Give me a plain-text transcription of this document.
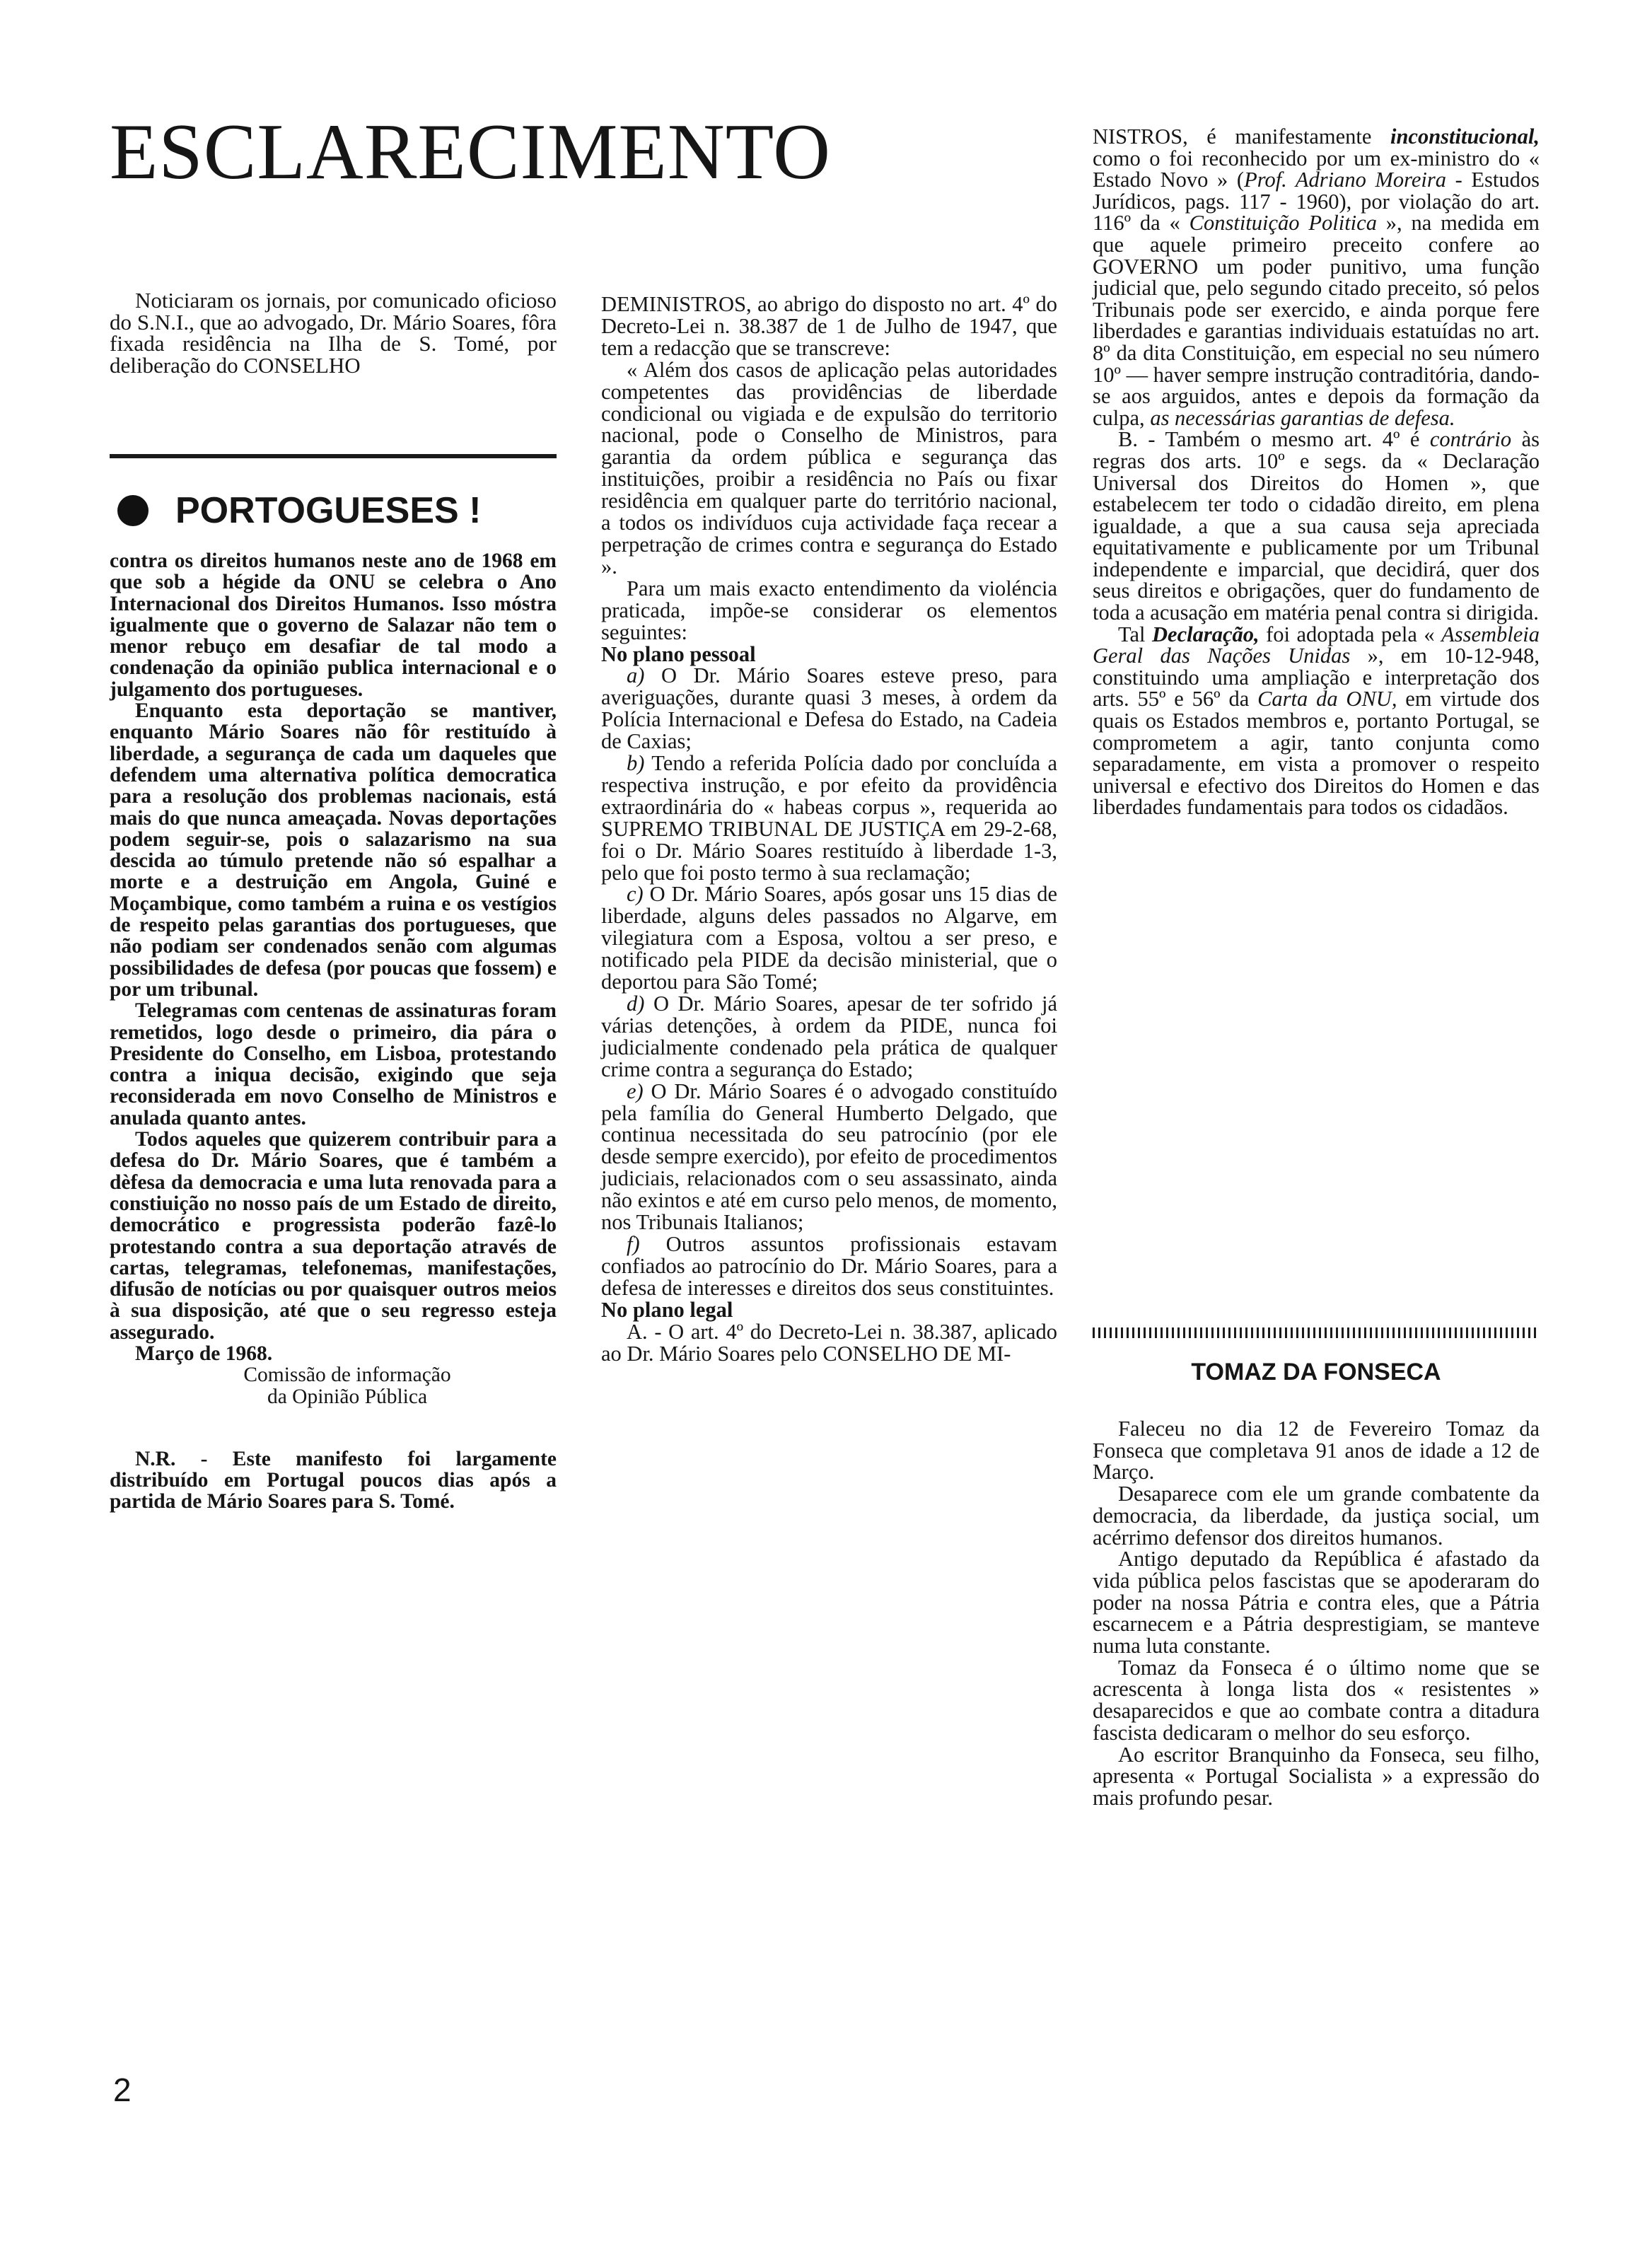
ESCLARECIMENTO

Noticiaram os jornais, por comunicado oficioso do S.N.I., que ao advogado, Dr. Mário Soares, fôra fixada residência na Ilha de S. Tomé, por deliberação do CONSELHO

PORTOGUESES !

contra os direitos humanos neste ano de 1968 em que sob a hégide da ONU se celebra o Ano Internacional dos Direitos Humanos. Isso móstra igualmente que o governo de Salazar não tem o menor rebuço em desafiar de tal modo a condenação da opinião publica internacional e o julgamento dos portugueses.

Enquanto esta deportação se mantiver, enquanto Mário Soares não fôr restituído à liberdade, a segurança de cada um daqueles que defendem uma alternativa política democratica para a resolução dos problemas nacionais, está mais do que nunca ameaçada. Novas deportações podem seguir-se, pois o salazarismo na sua descida ao túmulo pretende não só espalhar a morte e a destruição em Angola, Guiné e Moçambique, como também a ruina e os vestígios de respeito pelas garantias dos portugueses, que não podiam ser condenados senão com algumas possibilidades de defesa (por poucas que fossem) e por um tribunal.

Telegramas com centenas de assinaturas foram remetidos, logo desde o primeiro, dia pára o Presidente do Conselho, em Lisboa, protestando contra a iniqua decisão, exigindo que seja reconsiderada em novo Conselho de Ministros e anulada quanto antes.

Todos aqueles que quizerem contribuir para a defesa do Dr. Mário Soares, que é também a dèfesa da democracia e uma luta renovada para a constiuição no nosso país de um Estado de direito, democrático e progressista poderão fazê-lo protestando contra a sua deportação através de cartas, telegramas, telefonemas, manifestações, difusão de notícias ou por quaisquer outros meios à sua disposição, até que o seu regresso esteja assegurado.

Março de 1968.

Comissão de informação

da Opinião Pública

N.R. - Este manifesto foi largamente distribuído em Portugal poucos dias após a partida de Mário Soares para S. Tomé.

DEMINISTROS, ao abrigo do disposto no art. 4º do Decreto-Lei n. 38.387 de 1 de Julho de 1947, que tem a redacção que se transcreve:

« Além dos casos de aplicação pelas autoridades competentes das providências de liberdade condicional ou vigiada e de expulsão do territorio nacional, pode o Conselho de Ministros, para garantia da ordem pública e segurança das instituições, proibir a residência no País ou fixar residência em qualquer parte do território nacional, a todos os indivíduos cuja actividade faça recear a perpetração de crimes contra e segurança do Estado ».

Para um mais exacto entendimento da violéncia praticada, impõe-se considerar os elementos seguintes:

No plano pessoal

a) O Dr. Mário Soares esteve preso, para averiguações, durante quasi 3 meses, à ordem da Polícia Internacional e Defesa do Estado, na Cadeia de Caxias;

b) Tendo a referida Polícia dado por concluída a respectiva instrução, e por efeito da providência extraordinária do « habeas corpus », requerida ao SUPREMO TRIBUNAL DE JUSTIÇA em 29-2-68, foi o Dr. Mário Soares restituído à liberdade 1-3, pelo que foi posto termo à sua reclamação;

c) O Dr. Mário Soares, após gosar uns 15 dias de liberdade, alguns deles passados no Algarve, em vilegiatura com a Esposa, voltou a ser preso, e notificado pela PIDE da decisão ministerial, que o deportou para São Tomé;

d) O Dr. Mário Soares, apesar de ter sofrido já várias detenções, à ordem da PIDE, nunca foi judicialmente condenado pela prática de qualquer crime contra a segurança do Estado;

e) O Dr. Mário Soares é o advogado constituído pela família do General Humberto Delgado, que continua necessitada do seu patrocínio (por ele desde sempre exercido), por efeito de procedimentos judiciais, relacionados com o seu assassinato, ainda não exintos e até em curso pelo menos, de momento, nos Tribunais Italianos;

f) Outros assuntos profissionais estavam confiados ao patrocínio do Dr. Mário Soares, para a defesa de interesses e direitos dos seus constituintes.

No plano legal

A. - O art. 4º do Decreto-Lei n. 38.387, aplicado ao Dr. Mário Soares pelo CONSELHO DE MI-

NISTROS, é manifestamente inconstitucional, como o foi reconhecido por um ex-ministro do « Estado Novo » (Prof. Adriano Moreira - Estudos Jurídicos, pags. 117 - 1960), por violação do art. 116º da « Constituição Politica », na medida em que aquele primeiro preceito confere ao GOVERNO um poder punitivo, uma função judicial que, pelo segundo citado preceito, só pelos Tribunais pode ser exercido, e ainda porque fere liberdades e garantias individuais estatuídas no art. 8º da dita Constituição, em especial no seu número 10º — haver sempre instrução contraditória, dando-se aos arguidos, antes e depois da formação da culpa, as necessárias garantias de defesa.

B. - Também o mesmo art. 4º é contrário às regras dos arts. 10º e segs. da « Declaração Universal dos Direitos do Homen », que estabelecem ter todo o cidadão direito, em plena igualdade, a que a sua causa seja apreciada equitativamente e publicamente por um Tribunal independente e imparcial, que decidirá, quer dos seus direitos e obrigações, quer do fundamento de toda a acusação em matéria penal contra si dirigida.

Tal Declaração, foi adoptada pela « Assembleia Geral das Nações Unidas », em 10-12-948, constituindo uma ampliação e interpretação dos arts. 55º e 56º da Carta da ONU, em virtude dos quais os Estados membros e, portanto Portugal, se comprometem a agir, tanto conjunta como separadamente, em vista a promover o respeito universal e efectivo dos Direitos do Homen e das liberdades fundamentais para todos os cidadãos.

TOMAZ DA FONSECA

Faleceu no dia 12 de Fevereiro Tomaz da Fonseca que completava 91 anos de idade a 12 de Março.

Desaparece com ele um grande combatente da democracia, da liberdade, da justiça social, um acérrimo defensor dos direitos humanos.

Antigo deputado da República é afastado da vida pública pelos fascistas que se apoderaram do poder na nossa Pátria e contra eles, que a Pátria escarnecem e a Pátria desprestigiam, se manteve numa luta constante.

Tomaz da Fonseca é o último nome que se acrescenta à longa lista dos « resistentes » desaparecidos e que ao combate contra a ditadura fascista dedicaram o melhor do seu esforço.

Ao escritor Branquinho da Fonseca, seu filho, apresenta « Portugal Socialista » a expressão do mais profundo pesar.

2
